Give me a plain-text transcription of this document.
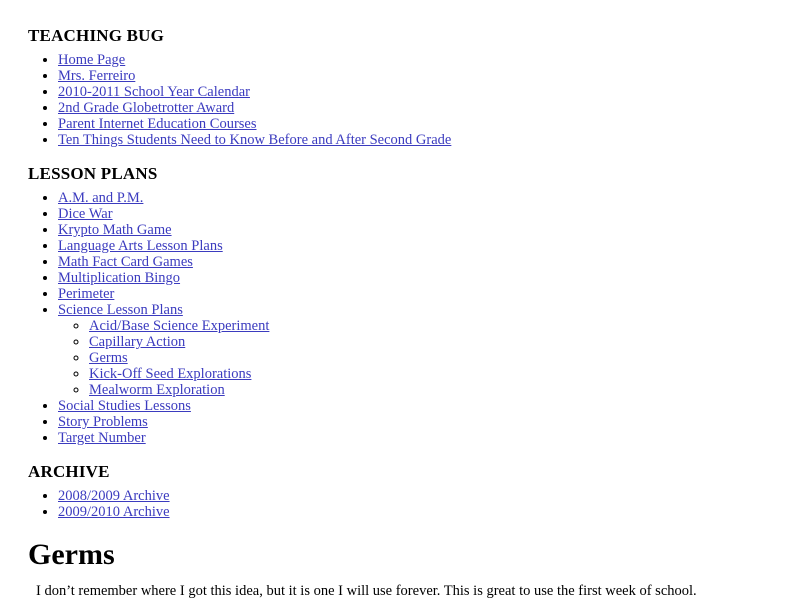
TEACHING BUG
• Home Page
• Mrs. Ferreiro
• 2010-2011 School Year Calendar
• 2nd Grade Globetrotter Award
• Parent Internet Education Courses
• Ten Things Students Need to Know Before and After Second Grade
LESSON PLANS
• A.M. and P.M.
• Dice War
• Krypto Math Game
• Language Arts Lesson Plans
• Math Fact Card Games
• Multiplication Bingo
• Perimeter
• Science Lesson Plans
◦ Acid/Base Science Experiment
◦ Capillary Action
◦ Germs
◦ Kick-Off Seed Explorations
◦ Mealworm Exploration
• Social Studies Lessons
• Story Problems
• Target Number
ARCHIVE
• 2008/2009 Archive
• 2009/2010 Archive
Germs

I don’t remember where I got this idea, but it is one I will use forever. This is great to use the first week of school.
